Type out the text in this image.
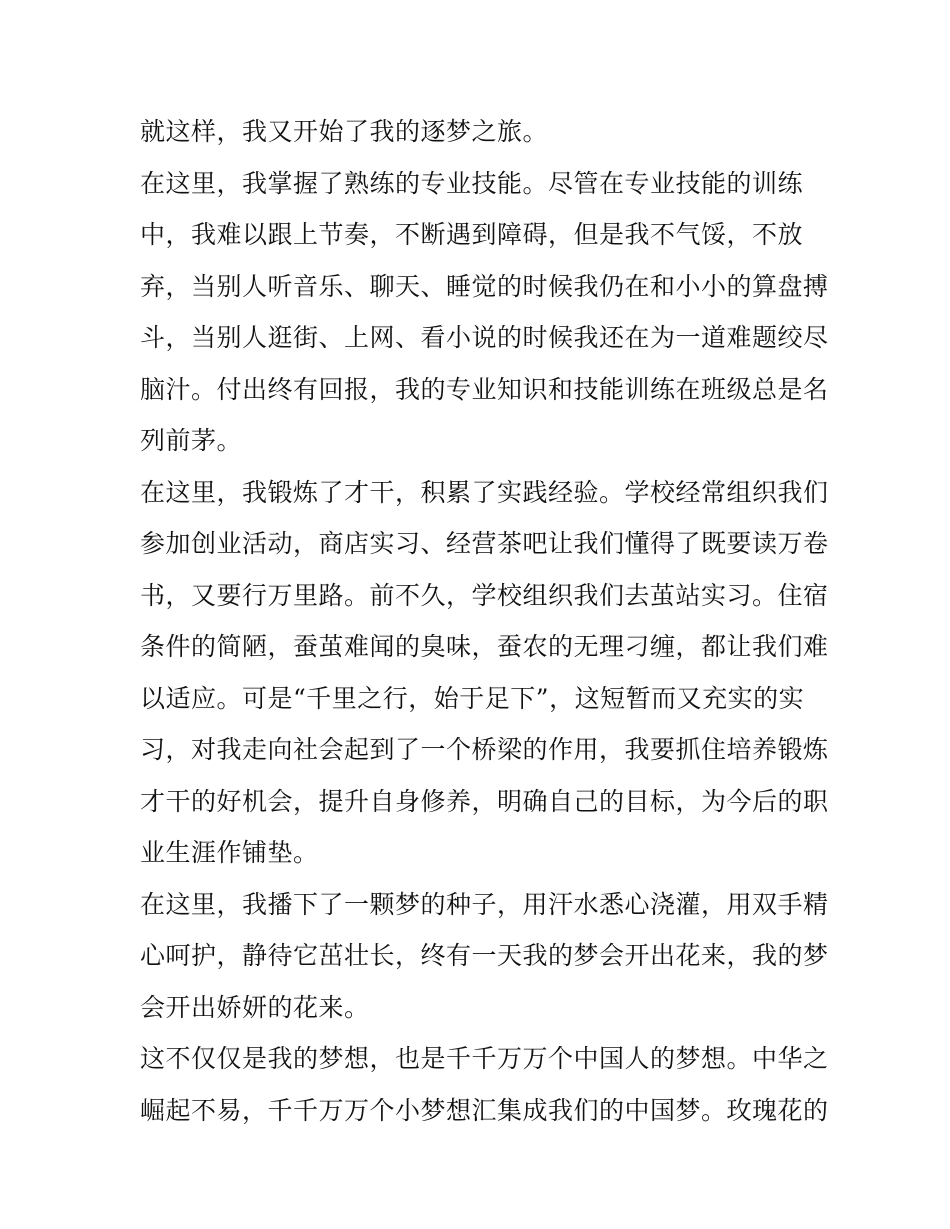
就这样，我又开始了我的逐梦之旅。
在这里，我掌握了熟练的专业技能。尽管在专业技能的训练
中，我难以跟上节奏，不断遇到障碍，但是我不气馁，不放
弃，当别人听音乐、聊天、睡觉的时候我仍在和小小的算盘搏
斗，当别人逛街、上网、看小说的时候我还在为一道难题绞尽
脑汁。付出终有回报，我的专业知识和技能训练在班级总是名
列前茅。
在这里，我锻炼了才干，积累了实践经验。学校经常组织我们
参加创业活动，商店实习、经营茶吧让我们懂得了既要读万卷
书，又要行万里路。前不久，学校组织我们去茧站实习。住宿
条件的简陋，蚕茧难闻的臭味，蚕农的无理刁缠，都让我们难
以适应。可是“千里之行，始于足下”，这短暂而又充实的实
习，对我走向社会起到了一个桥梁的作用，我要抓住培养锻炼
才干的好机会，提升自身修养，明确自己的目标，为今后的职
业生涯作铺垫。
在这里，我播下了一颗梦的种子，用汗水悉心浇灌，用双手精
心呵护，静待它茁壮长，终有一天我的梦会开出花来，我的梦
会开出娇妍的花来。
这不仅仅是我的梦想，也是千千万万个中国人的梦想。中华之
崛起不易，千千万万个小梦想汇集成我们的中国梦。玫瑰花的
